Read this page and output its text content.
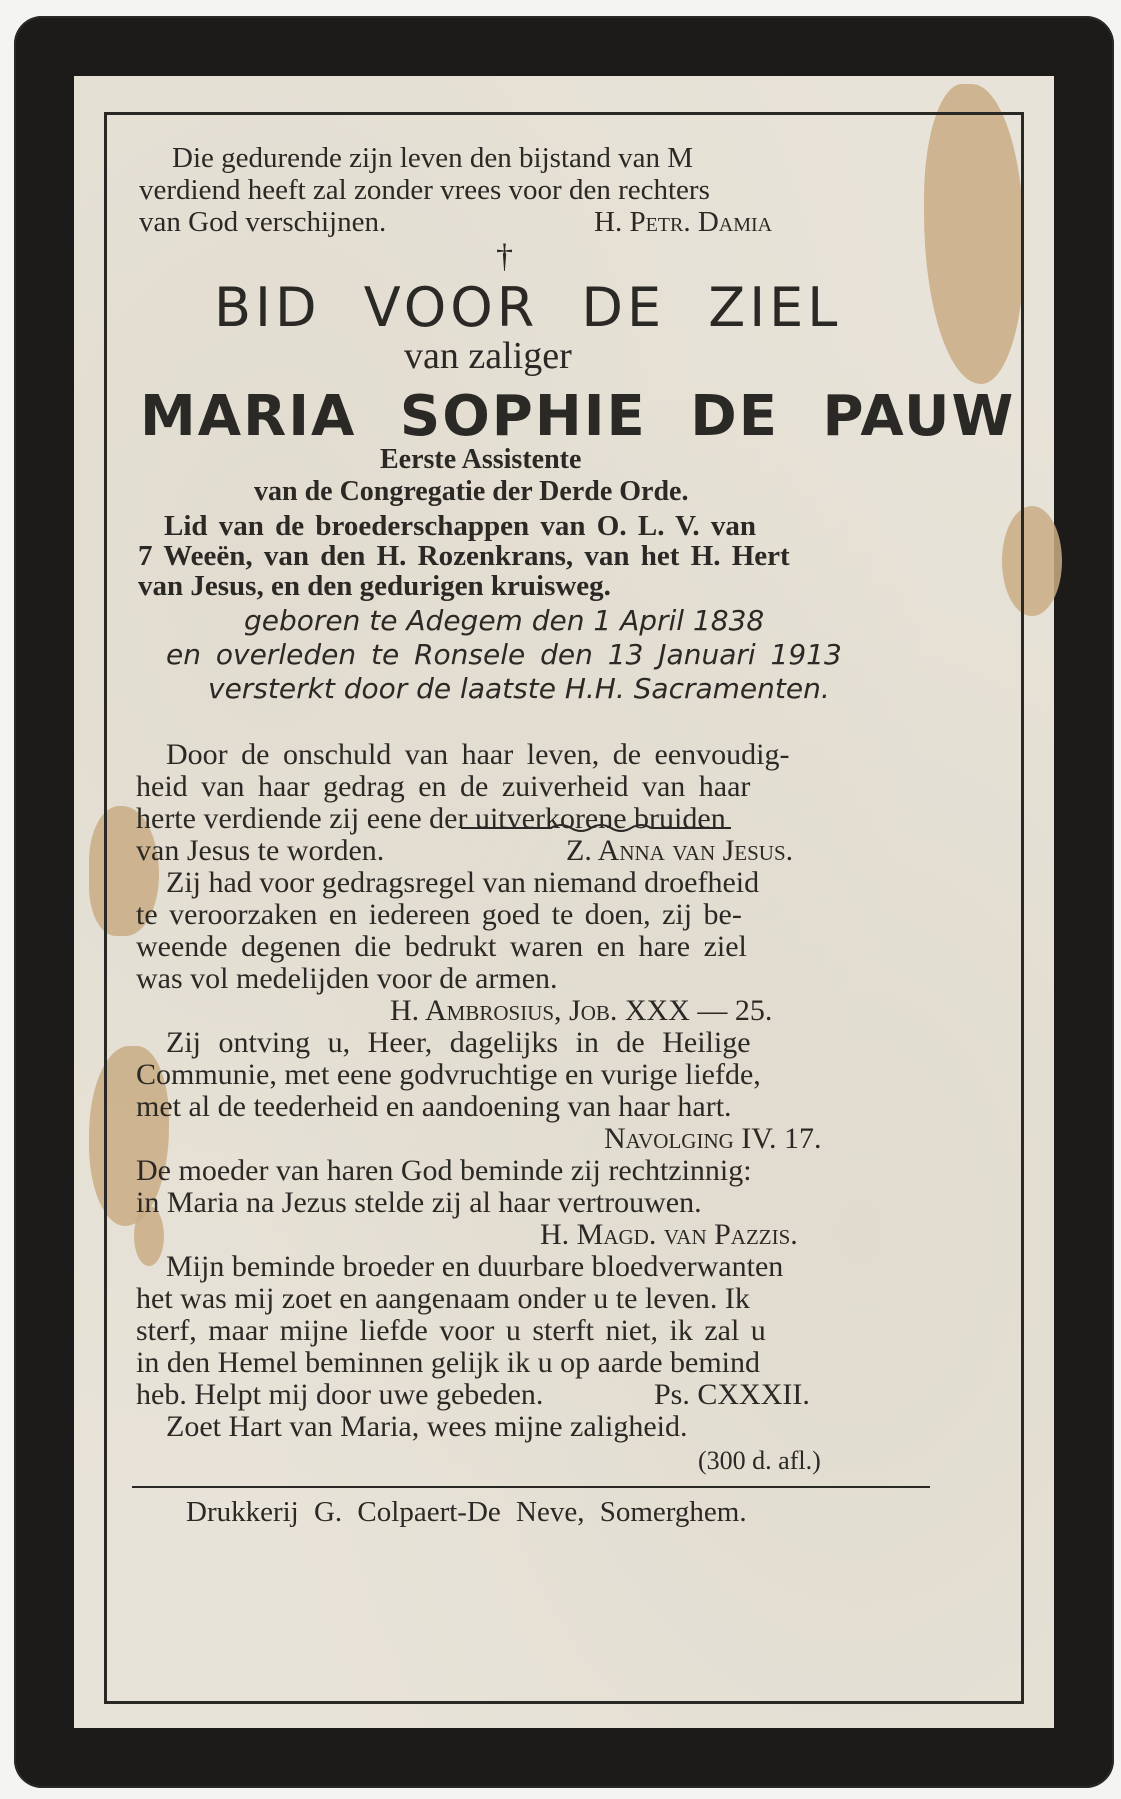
Die gedurende zijn leven den bijstand van M
verdiend heeft zal zonder vrees voor den rechters
van God verschijnen.	H. Petr. Damia
†
BID VOOR DE ZIEL
van zaliger
MARIA SOPHIE DE PAUW
Eerste Assistente
van de Congregatie der Derde Orde.
Lid van de broederschappen van O. L. V. van
7 Weeën, van den H. Rozenkrans, van het H. Hert
van Jesus, en den gedurigen kruisweg.
geboren te Adegem den 1 April 1838
en overleden te Ronsele den 13 Januari 1913
versterkt door de laatste H.H. Sacramenten.
Door de onschuld van haar leven, de eenvoudig-
heid van haar gedrag en de zuiverheid van haar
herte verdiende zij eene der uitverkorene bruiden
van Jesus te worden.	Z. Anna van Jesus.
Zij had voor gedragsregel van niemand droefheid
te veroorzaken en iedereen goed te doen, zij be-
weende degenen die bedrukt waren en hare ziel
was vol medelijden voor de armen.
H. Ambrosius, Job. XXX — 25.
Zij ontving u, Heer, dagelijks in de Heilige
Communie, met eene godvruchtige en vurige liefde,
met al de teederheid en aandoening van haar hart.
Navolging IV. 17.
De moeder van haren God beminde zij rechtzinnig:
in Maria na Jezus stelde zij al haar vertrouwen.
H. Magd. van Pazzis.
Mijn beminde broeder en duurbare bloedverwanten
het was mij zoet en aangenaam onder u te leven. Ik
sterf, maar mijne liefde voor u sterft niet, ik zal u
in den Hemel beminnen gelijk ik u op aarde bemind
heb. Helpt mij door uwe gebeden.	Ps. CXXXII.
Zoet Hart van Maria, wees mijne zaligheid.
(300 d. afl.)
Drukkerij G. Colpaert-De Neve, Somerghem.
